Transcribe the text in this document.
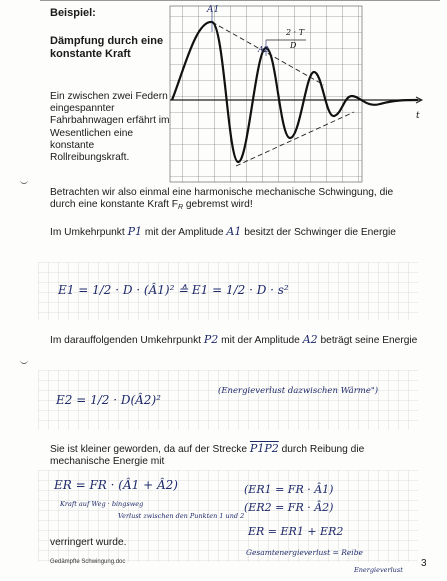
Beispiel:
Dämpfung durch eine konstante Kraft
A1
A2
2 · T
D
t
Ein zwischen zwei Federn eingespannter Fahrbahnwagen erfährt im Wesentlichen eine konstante Rollreibungskraft.
Betrachten wir also einmal eine harmonische mechanische Schwingung, die durch eine konstante Kraft FR gebremst wird!
Im Umkehrpunkt P1 mit der Amplitude A1 besitzt der Schwinger die Energie
E1 = 1/2 · D · (Â1)² ≙ E1 = 1/2 · D · s²
Im darauffolgenden Umkehrpunkt P2 mit der Amplitude A2 beträgt seine Energie
E2 = 1/2 · D(Â2)²
(Energieverlust dazwischen Wärme")
Sie ist kleiner geworden, da auf der Strecke P1P2 durch Reibung die mechanische Energie mit
ER = FR · (Â1 + Â2)
Kraft auf Weg · bingsweg
Verlust zwischen den Punkten 1 und 2
(ER1 = FR · Â1)
(ER2 = FR · Â2)
ER = ER1 + ER2
Gesamtenergieverlust = Reibe
Energieverlust
verringert wurde.
Gedämpfte Schwingung.doc	3
